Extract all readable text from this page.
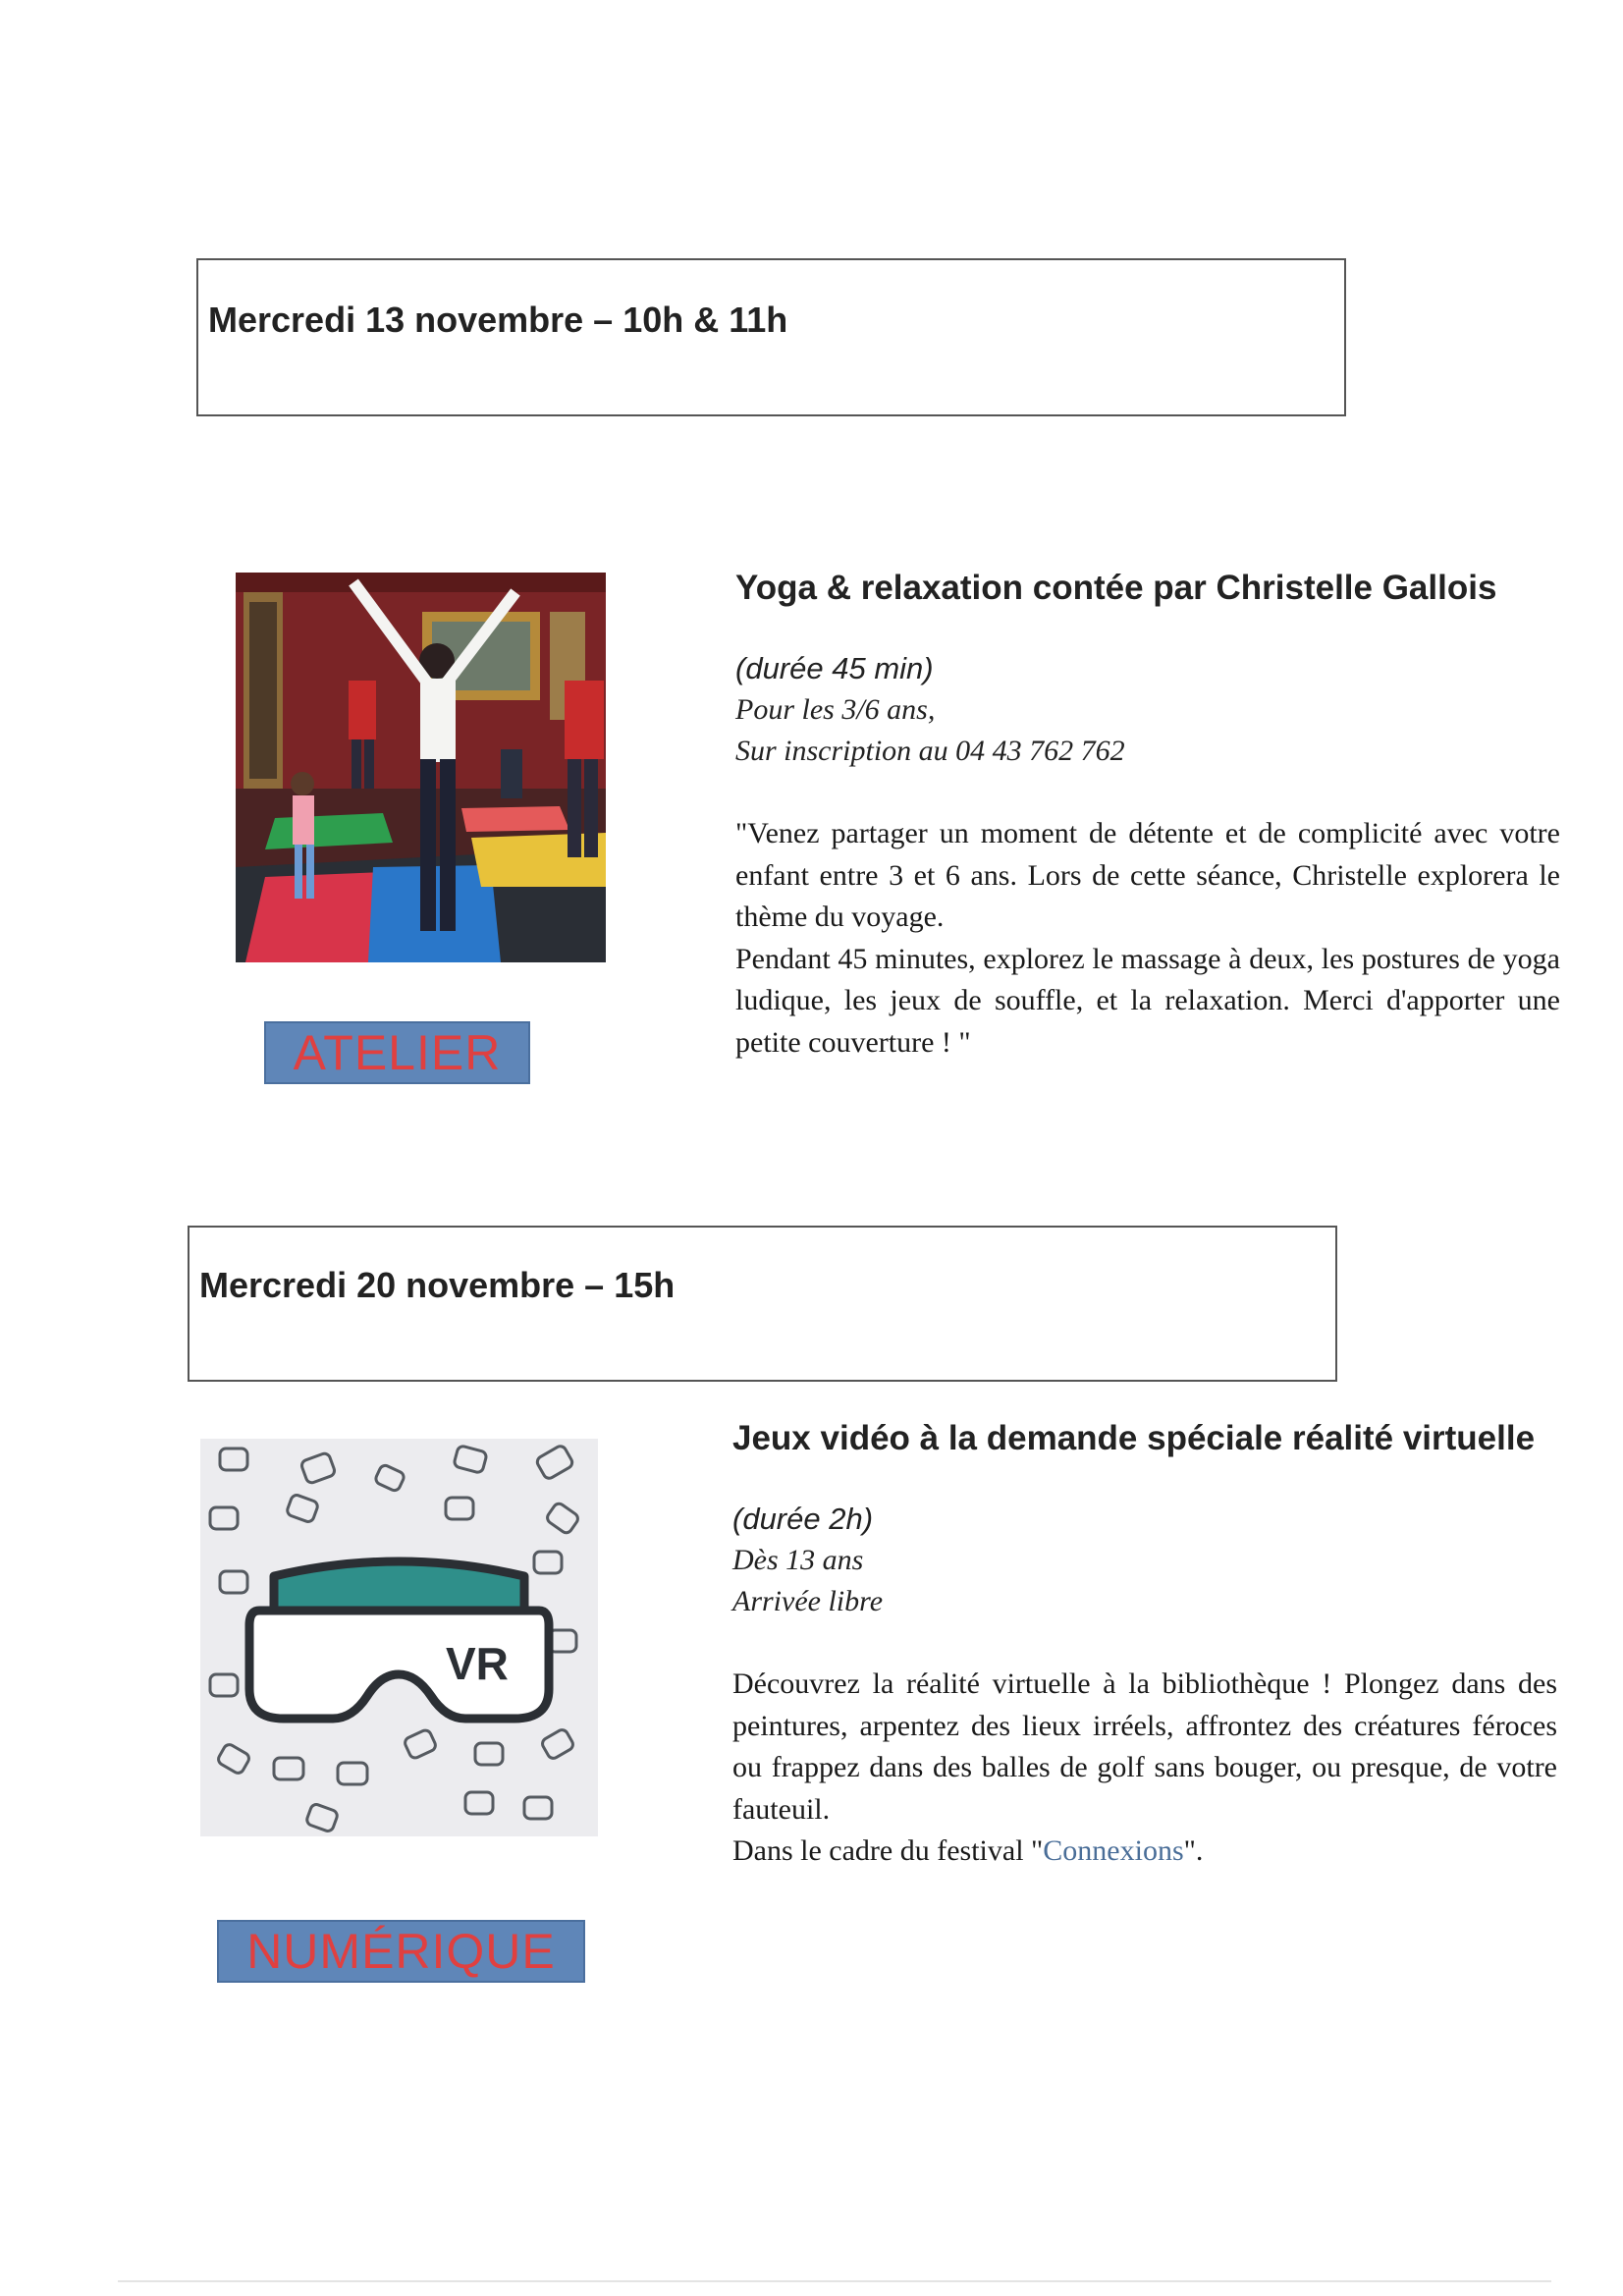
Mercredi 13 novembre – 10h & 11h
ATELIER
Yoga & relaxation contée par Christelle Gallois
(durée 45 min)
Pour les 3/6 ans,
Sur inscription au 04 43 762 762

"Venez partager un moment de détente et de complicité avec votre enfant entre 3 et 6 ans. Lors de cette séance, Christelle explorera le thème du voyage.

Pendant 45 minutes, explorez le massage à deux, les postures de yoga ludique, les jeux de souffle, et la relaxation. Merci d'apporter une petite couverture ! "

Mercredi 20 novembre – 15h
VR
NUMÉRIQUE
Jeux vidéo à la demande spéciale réalité virtuelle
(durée 2h)
Dès 13 ans
Arrivée libre

Découvrez la réalité virtuelle à la bibliothèque ! Plongez dans des peintures, arpentez des lieux irréels, affrontez des créatures féroces ou frappez dans des balles de golf sans bouger, ou presque, de votre fauteuil.

Dans le cadre du festival "Connexions".
